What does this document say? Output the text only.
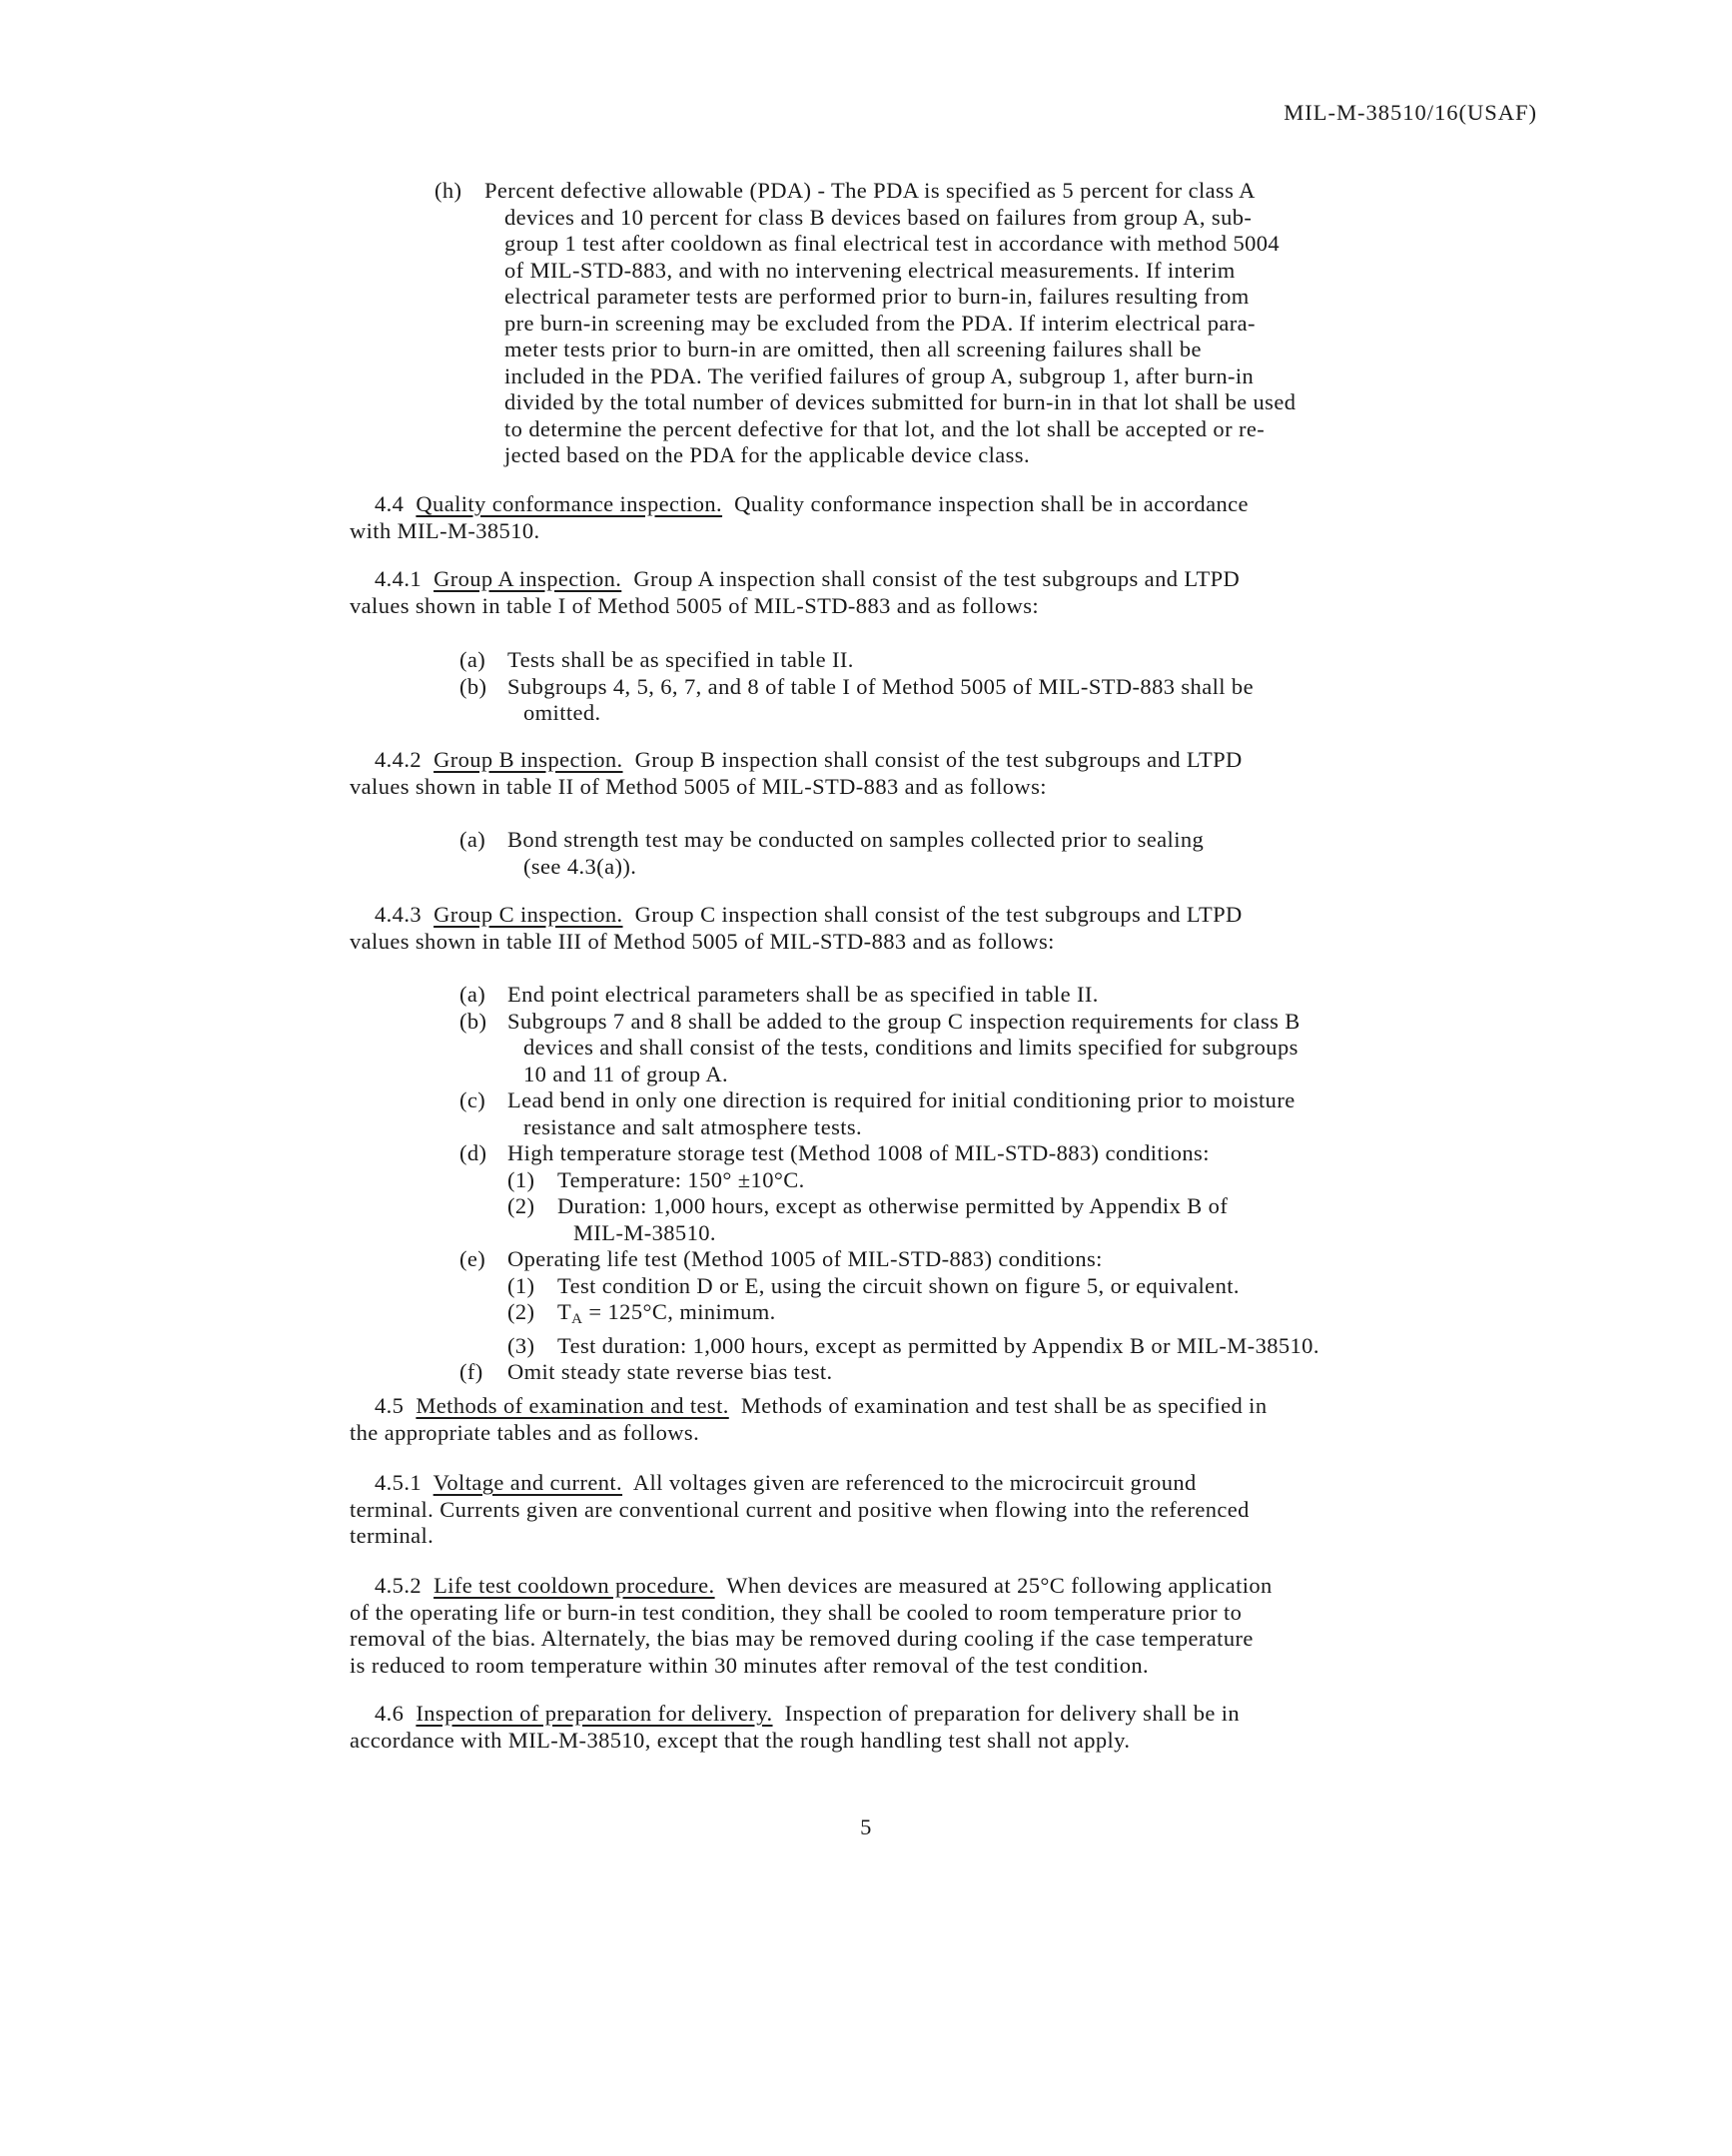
MIL-M-38510/16(USAF)
(h) Percent defective allowable (PDA) - The PDA is specified as 5 percent for class A
devices and 10 percent for class B devices based on failures from group A, sub-
group 1 test after cooldown as final electrical test in accordance with method 5004
of MIL-STD-883, and with no intervening electrical measurements. If interim
electrical parameter tests are performed prior to burn-in, failures resulting from
pre burn-in screening may be excluded from the PDA. If interim electrical para-
meter tests prior to burn-in are omitted, then all screening failures shall be
included in the PDA. The verified failures of group A, subgroup 1, after burn-in
divided by the total number of devices submitted for burn-in in that lot shall be used
to determine the percent defective for that lot, and the lot shall be accepted or re-
jected based on the PDA for the applicable device class.
4.4 Quality conformance inspection. Quality conformance inspection shall be in accordance
with MIL-M-38510.
4.4.1 Group A inspection. Group A inspection shall consist of the test subgroups and LTPD
values shown in table I of Method 5005 of MIL-STD-883 and as follows:
(a) Tests shall be as specified in table II.
(b) Subgroups 4, 5, 6, 7, and 8 of table I of Method 5005 of MIL-STD-883 shall be
omitted.
4.4.2 Group B inspection. Group B inspection shall consist of the test subgroups and LTPD
values shown in table II of Method 5005 of MIL-STD-883 and as follows:
(a) Bond strength test may be conducted on samples collected prior to sealing
(see 4.3(a)).
4.4.3 Group C inspection. Group C inspection shall consist of the test subgroups and LTPD
values shown in table III of Method 5005 of MIL-STD-883 and as follows:
(a) End point electrical parameters shall be as specified in table II.
(b) Subgroups 7 and 8 shall be added to the group C inspection requirements for class B
devices and shall consist of the tests, conditions and limits specified for subgroups
10 and 11 of group A.
(c) Lead bend in only one direction is required for initial conditioning prior to moisture
resistance and salt atmosphere tests.
(d) High temperature storage test (Method 1008 of MIL-STD-883) conditions:
(1) Temperature: 150° ±10°C.
(2) Duration: 1,000 hours, except as otherwise permitted by Appendix B of
MIL-M-38510.
(e) Operating life test (Method 1005 of MIL-STD-883) conditions:
(1) Test condition D or E, using the circuit shown on figure 5, or equivalent.
(2) $T_A = 125^\circ C$, minimum.
(3) Test duration: 1,000 hours, except as permitted by Appendix B or MIL-M-38510.
(f) Omit steady state reverse bias test.
4.5 Methods of examination and test. Methods of examination and test shall be as specified in
the appropriate tables and as follows.
4.5.1 Voltage and current. All voltages given are referenced to the microcircuit ground
terminal. Currents given are conventional current and positive when flowing into the referenced
terminal.
4.5.2 Life test cooldown procedure. When devices are measured at 25°C following application
of the operating life or burn-in test condition, they shall be cooled to room temperature prior to
removal of the bias. Alternately, the bias may be removed during cooling if the case temperature
is reduced to room temperature within 30 minutes after removal of the test condition.
4.6 Inspection of preparation for delivery. Inspection of preparation for delivery shall be in
accordance with MIL-M-38510, except that the rough handling test shall not apply.
5
